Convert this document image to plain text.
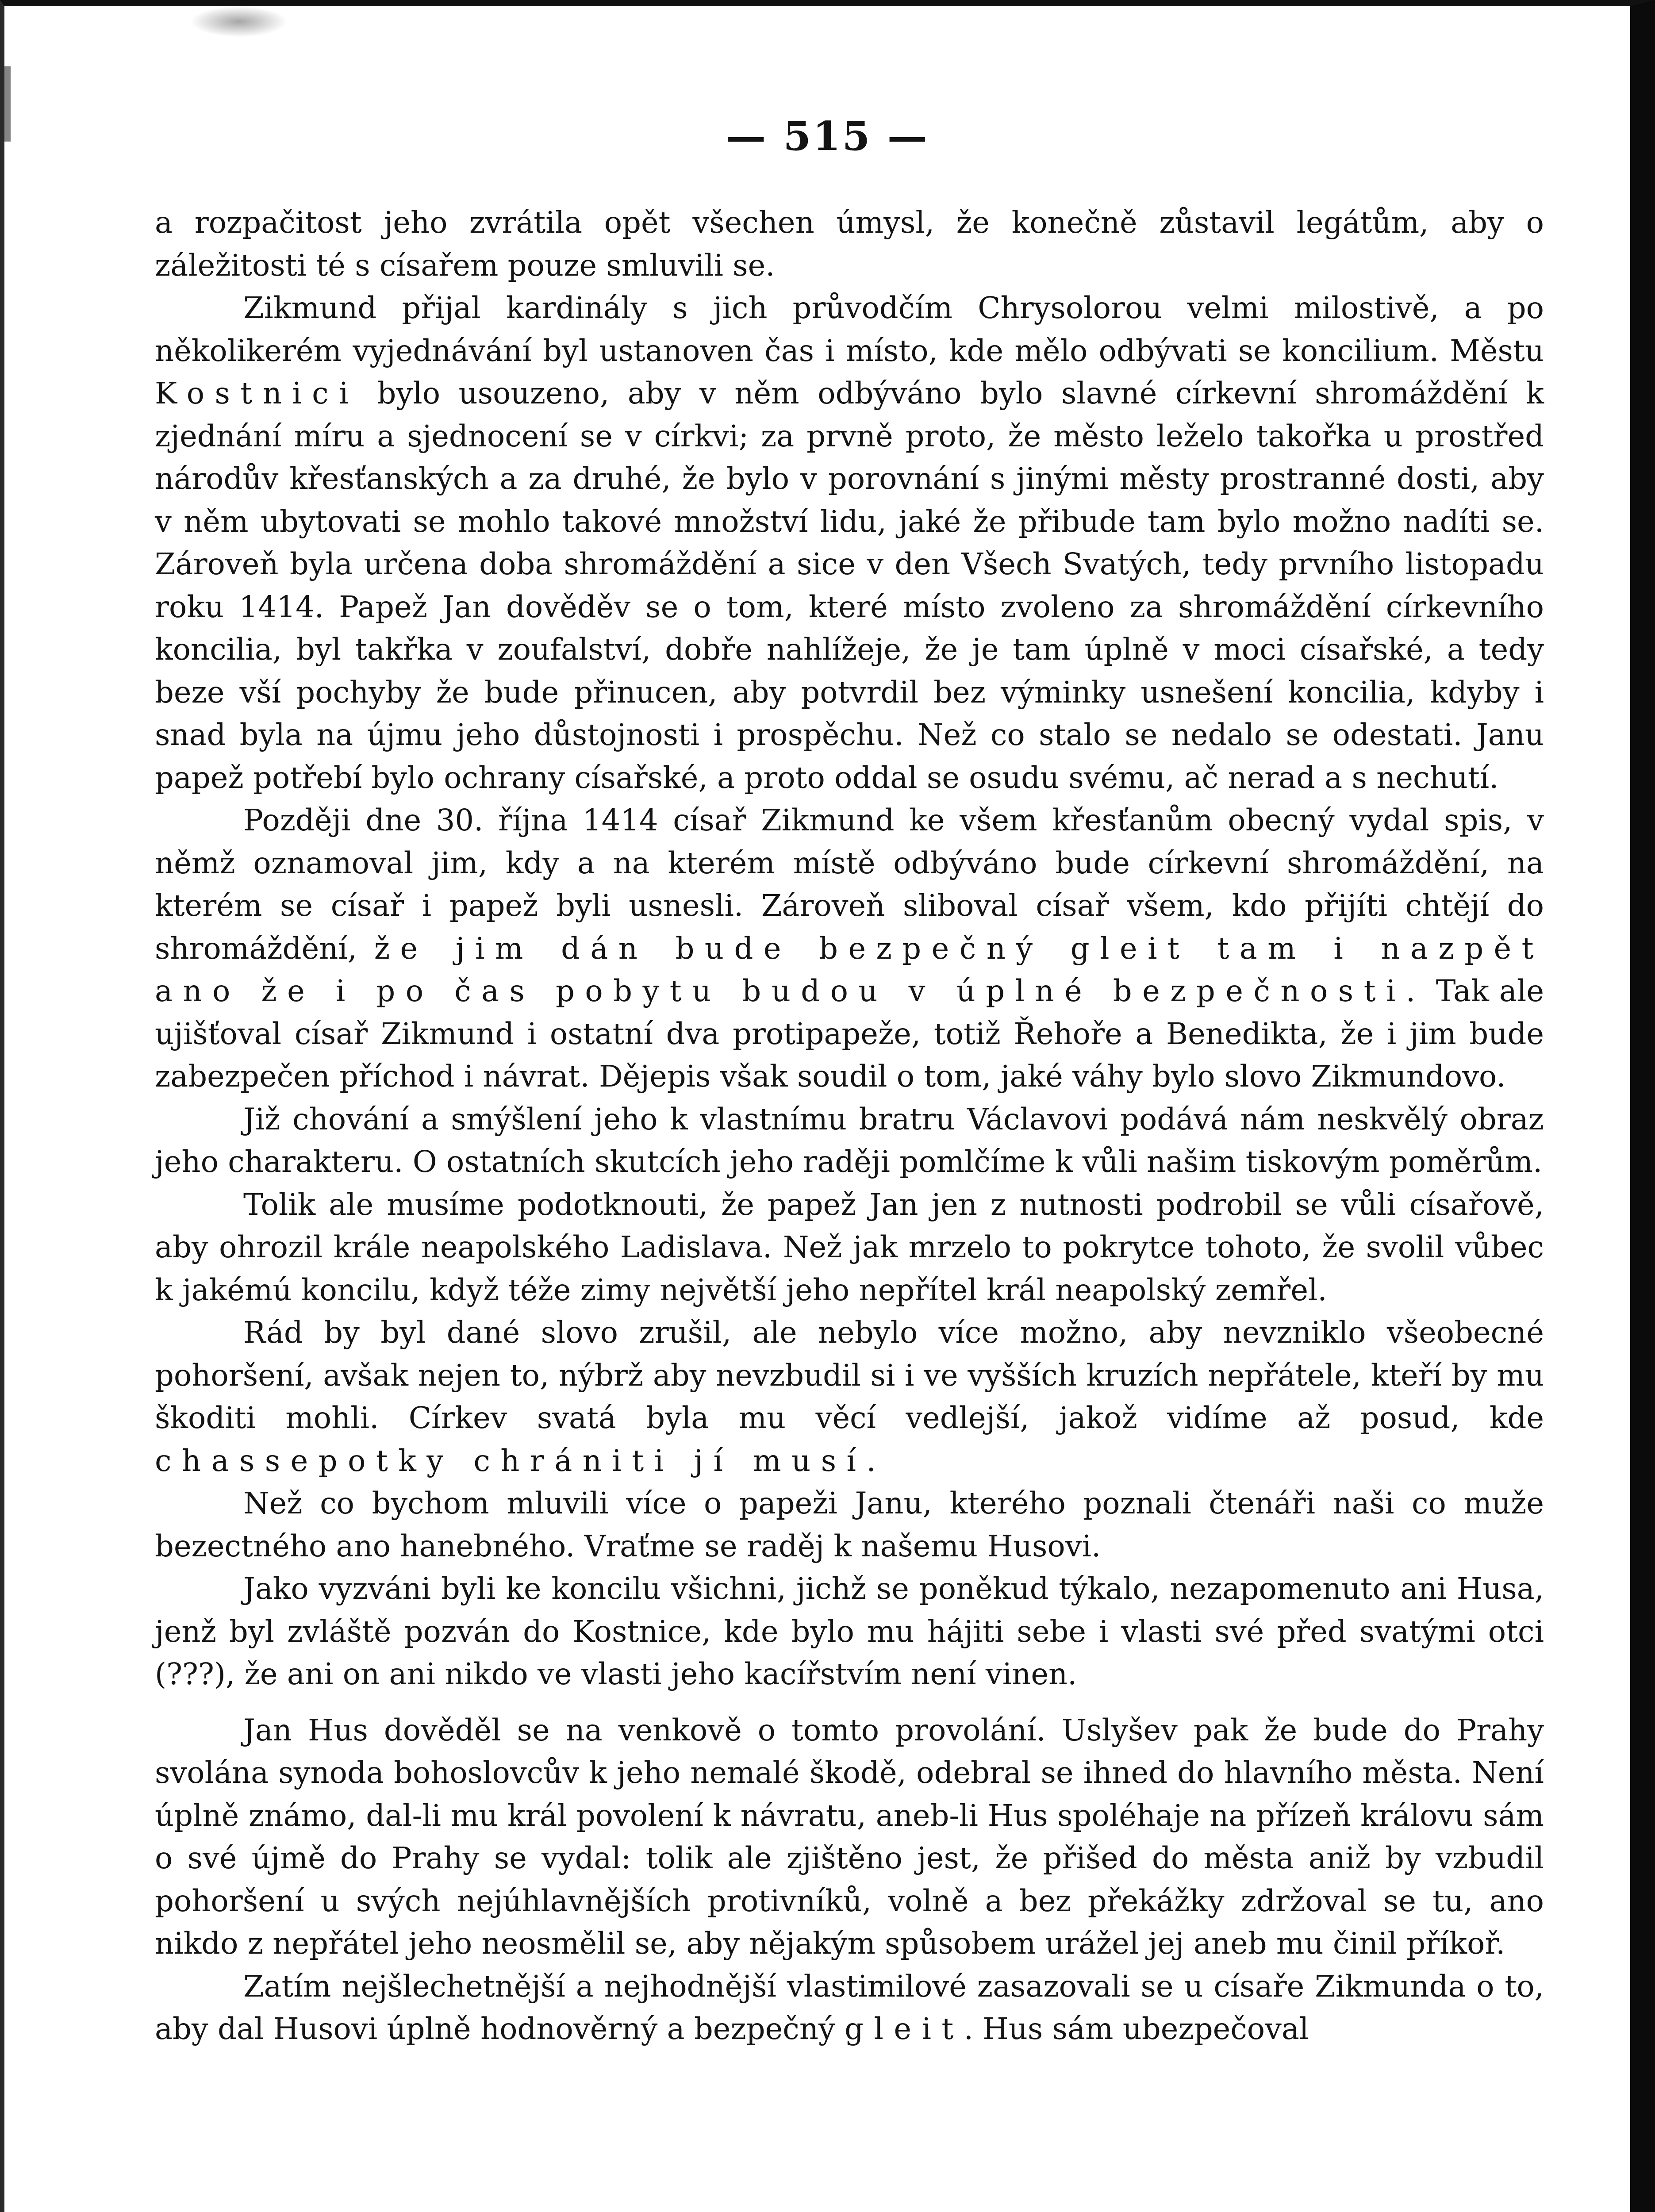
— 515 —

a rozpačitost jeho zvrátila opět všechen úmysl, že konečně zůstavil legátům, aby o záležitosti té s císařem pouze smluvili se.

Zikmund přijal kardinály s jich průvodčím Chrysolorou velmi milostivě, a po několikerém vyjednávání byl ustanoven čas i místo, kde mělo odbývati se koncilium. Městu Kostnici bylo usouzeno, aby v něm odbýváno bylo slavné církevní shromáždění k zjednání míru a sjednocení se v církvi; za prvně proto, že město leželo takořka u prostřed národův křesťanských a za druhé, že bylo v porovnání s jinými městy prostranné dosti, aby v něm ubytovati se mohlo takové množství lidu, jaké že přibude tam bylo možno nadíti se. Zároveň byla určena doba shromáždění a sice v den Všech Svatých, tedy prvního listopadu roku 1414. Papež Jan dověděv se o tom, které místo zvoleno za shromáždění církevního koncilia, byl takřka v zoufalství, dobře nahlížeje, že je tam úplně v moci císařské, a tedy beze vší pochyby že bude přinucen, aby potvrdil bez výminky usnešení koncilia, kdyby i snad byla na újmu jeho důstojnosti i prospěchu. Než co stalo se nedalo se odestati. Janu papež potřebí bylo ochrany císařské, a proto oddal se osudu svému, ač nerad a s nechutí.

Později dne 30. října 1414 císař Zikmund ke všem křesťanům obecný vydal spis, v němž oznamoval jim, kdy a na kterém místě odbýváno bude církevní shromáždění, na kterém se císař i papež byli usnesli. Zároveň sliboval císař všem, kdo přijíti chtějí do shromáždění, že jim dán bude bezpečný gleit tam i nazpět ano že i po čas pobytu budou v úplné bezpečnosti. Tak ale ujišťoval císař Zikmund i ostatní dva protipapeže, totiž Řehoře a Benedikta, že i jim bude zabezpečen příchod i návrat. Dějepis však soudil o tom, jaké váhy bylo slovo Zikmundovo.

Již chování a smýšlení jeho k vlastnímu bratru Václavovi podává nám neskvělý obraz jeho charakteru. O ostatních skutcích jeho raději pomlčíme k vůli našim tiskovým poměrům.

Tolik ale musíme podotknouti, že papež Jan jen z nutnosti podrobil se vůli císařově, aby ohrozil krále neapolského Ladislava. Než jak mrzelo to pokrytce tohoto, že svolil vůbec k jakémú koncilu, když téže zimy největší jeho nepřítel král neapolský zemřel.

Rád by byl dané slovo zrušil, ale nebylo více možno, aby nevzniklo všeobecné pohoršení, avšak nejen to, nýbrž aby nevzbudil si i ve vyšších kruzích nepřátele, kteří by mu škoditi mohli. Církev svatá byla mu věcí vedlejší, jakož vidíme až posud, kde chassepotky chrániti jí musí.

Než co bychom mluvili více o papeži Janu, kterého poznali čtenáři naši co muže bezectného ano hanebného. Vraťme se raděj k našemu Husovi.

Jako vyzváni byli ke koncilu všichni, jichž se poněkud týkalo, nezapomenuto ani Husa, jenž byl zvláště pozván do Kostnice, kde bylo mu hájiti sebe i vlasti své před svatými otci (???), že ani on ani nikdo ve vlasti jeho kacířstvím není vinen.

Jan Hus dověděl se na venkově o tomto provolání. Uslyšev pak že bude do Prahy svolána synoda bohoslovcův k jeho nemalé škodě, odebral se ihned do hlavního města. Není úplně známo, dal-li mu král povolení k návratu, aneb-li Hus spoléhaje na přízeň královu sám o své újmě do Prahy se vydal: tolik ale zjištěno jest, že přišed do města aniž by vzbudil pohoršení u svých nejúhlavnějších protivníků, volně a bez překážky zdržoval se tu, ano nikdo z nepřátel jeho neosmělil se, aby nějakým spůsobem urážel jej aneb mu činil příkoř.

Zatím nejšlechetnější a nejhodnější vlastimilové zasazovali se u císaře Zikmunda o to, aby dal Husovi úplně hodnověrný a bezpečný gleit. Hus sám ubezpečoval
